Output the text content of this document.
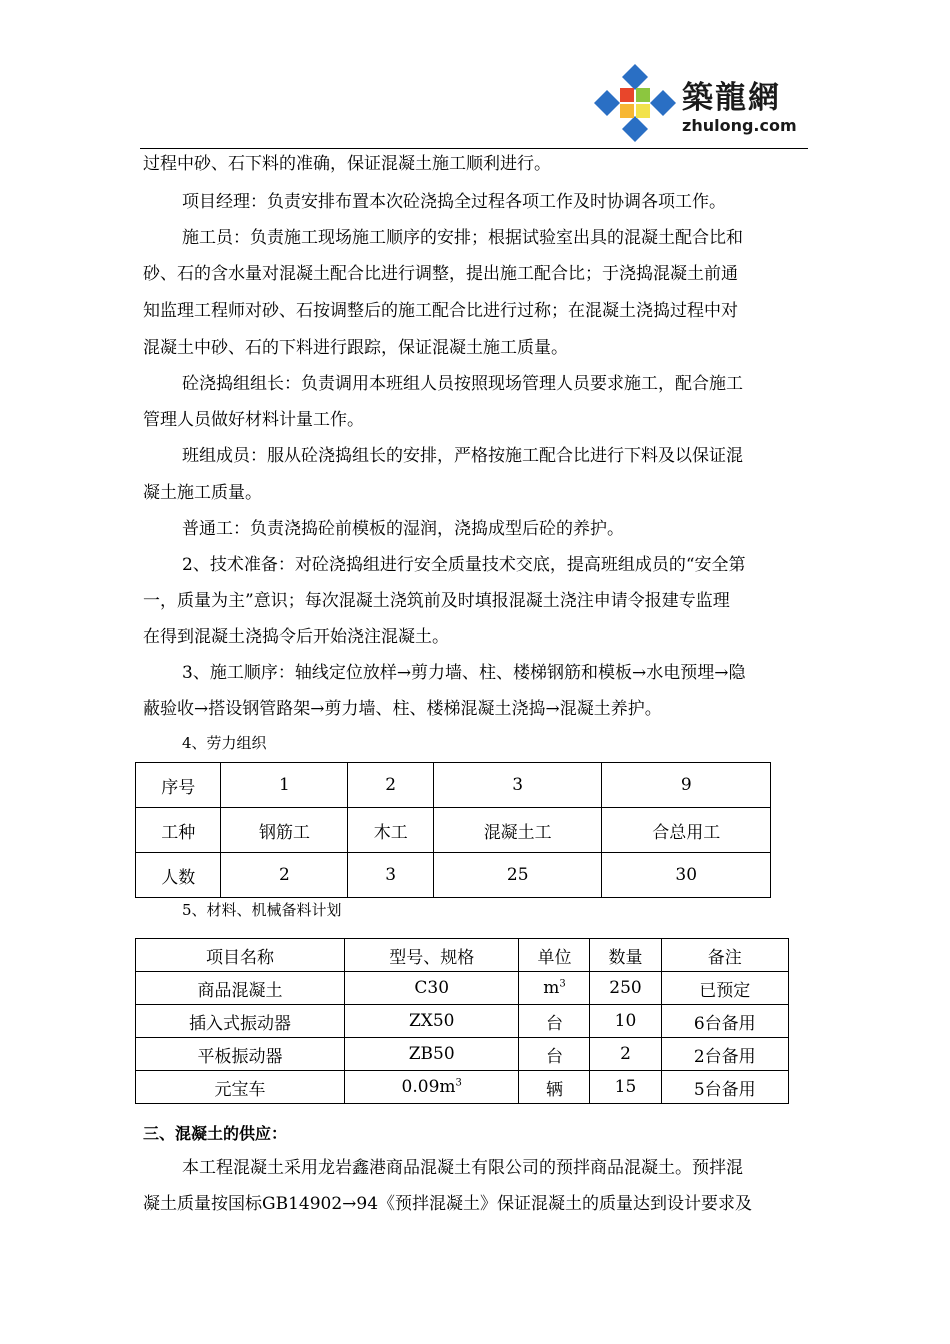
築龍網
zhulong.com
过程中砂、石下料的准确，保证混凝土施工顺利进行。
项目经理：负责安排布置本次砼浇捣全过程各项工作及时协调各项工作。
施工员：负责施工现场施工顺序的安排；根据试验室出具的混凝土配合比和
砂、石的含水量对混凝土配合比进行调整，提出施工配合比；于浇捣混凝土前通
知监理工程师对砂、石按调整后的施工配合比进行过称；在混凝土浇捣过程中对
混凝土中砂、石的下料进行跟踪，保证混凝土施工质量。
砼浇捣组组长：负责调用本班组人员按照现场管理人员要求施工，配合施工
管理人员做好材料计量工作。
班组成员：服从砼浇捣组长的安排，严格按施工配合比进行下料及以保证混
凝土施工质量。
普通工：负责浇捣砼前模板的湿润，浇捣成型后砼的养护。
2、技术准备：对砼浇捣组进行安全质量技术交底，提高班组成员的“安全第
一，质量为主”意识；每次混凝土浇筑前及时填报混凝土浇注申请令报建专监理
在得到混凝土浇捣令后开始浇注混凝土。
3、施工顺序：轴线定位放样→剪力墙、柱、楼梯钢筋和模板→水电预埋→隐
蔽验收→搭设钢管路架→剪力墙、柱、楼梯混凝土浇捣→混凝土养护。
4、劳力组织
序号	1	2	3	9
工种	钢筋工	木工	混凝土工	合总用工
人数	2	3	25	30
5、材料、机械备料计划
项目名称	型号、规格	单位	数量	备注
商品混凝土	C30	$m^3$	250	已预定
插入式振动器	ZX50	台	10	6台备用
平板振动器	ZB50	台	2	2台备用
元宝车	$0.09m^3$	辆	15	5台备用
三、混凝土的供应：
本工程混凝土采用龙岩鑫港商品混凝土有限公司的预拌商品混凝土。预拌混
凝土质量按国标GB14902→94《预拌混凝土》保证混凝土的质量达到设计要求及
